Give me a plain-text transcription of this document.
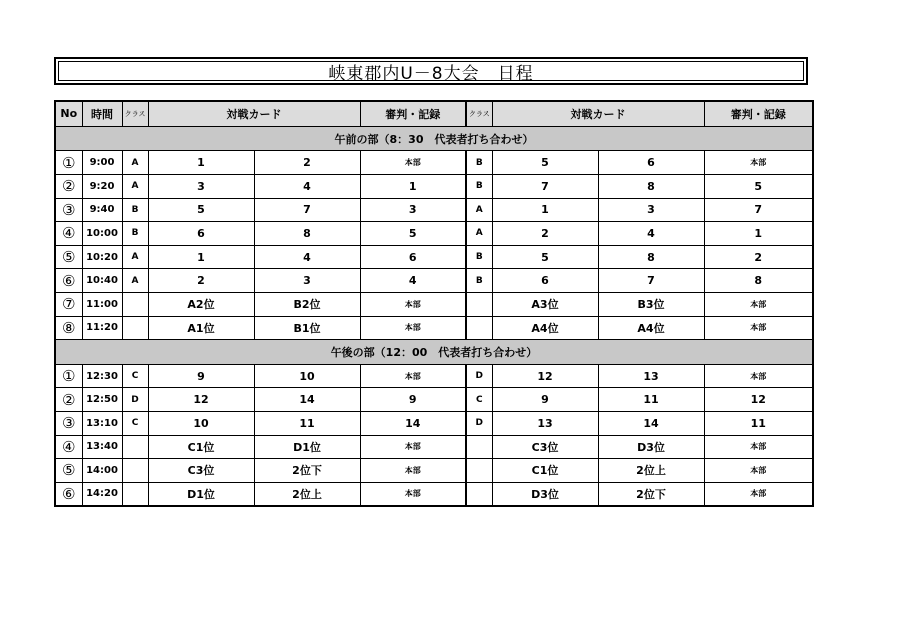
峡東郡内U－8大会　日程
No	時間	クラス	対戦カード		審判・記録	クラス	対戦カード		審判・記録
午前の部（8：30　代表者打ち合わせ）									
①	9:00	A	1	2	本部	B	5	6	本部
②	9:20	A	3	4	1	B	7	8	5
③	9:40	B	5	7	3	A	1	3	7
④	10:00	B	6	8	5	A	2	4	1
⑤	10:20	A	1	4	6	B	5	8	2
⑥	10:40	A	2	3	4	B	6	7	8
⑦	11:00		A2位	B2位	本部		A3位	B3位	本部
⑧	11:20		A1位	B1位	本部		A4位	A4位	本部
午後の部（12：00　代表者打ち合わせ）									
①	12:30	C	9	10	本部	D	12	13	本部
②	12:50	D	12	14	9	C	9	11	12
③	13:10	C	10	11	14	D	13	14	11
④	13:40		C1位	D1位	本部		C3位	D3位	本部
⑤	14:00		C3位	2位下	本部		C1位	2位上	本部
⑥	14:20		D1位	2位上	本部		D3位	2位下	本部
